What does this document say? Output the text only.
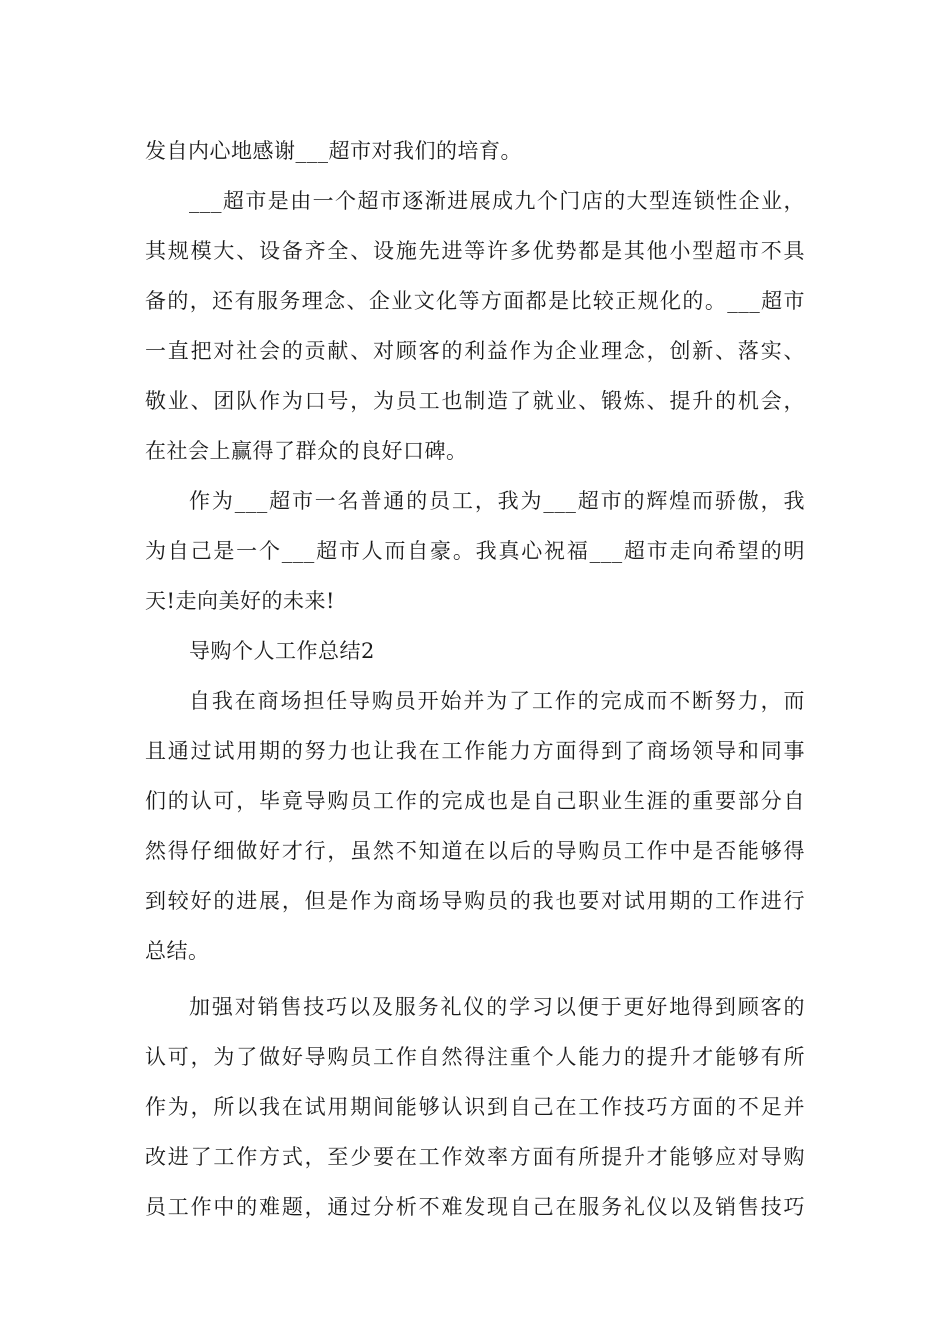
发自内心地感谢___超市对我们的培育。
___超市是由一个超市逐渐进展成九个门店的大型连锁性企业，
其规模大、设备齐全、设施先进等许多优势都是其他小型超市不具
备的，还有服务理念、企业文化等方面都是比较正规化的。___超市
一直把对社会的贡献、对顾客的利益作为企业理念，创新、落实、
敬业、团队作为口号，为员工也制造了就业、锻炼、提升的机会，
在社会上赢得了群众的良好口碑。
作为___超市一名普通的员工，我为___超市的辉煌而骄傲，我
为自己是一个___超市人而自豪。我真心祝福___超市走向希望的明
天!走向美好的未来!
导购个人工作总结2
自我在商场担任导购员开始并为了工作的完成而不断努力，而
且通过试用期的努力也让我在工作能力方面得到了商场领导和同事
们的认可，毕竟导购员工作的完成也是自己职业生涯的重要部分自
然得仔细做好才行，虽然不知道在以后的导购员工作中是否能够得
到较好的进展，但是作为商场导购员的我也要对试用期的工作进行
总结。
加强对销售技巧以及服务礼仪的学习以便于更好地得到顾客的
认可，为了做好导购员工作自然得注重个人能力的提升才能够有所
作为，所以我在试用期间能够认识到自己在工作技巧方面的不足并
改进了工作方式，至少要在工作效率方面有所提升才能够应对导购
员工作中的难题，通过分析不难发现自己在服务礼仪以及销售技巧
